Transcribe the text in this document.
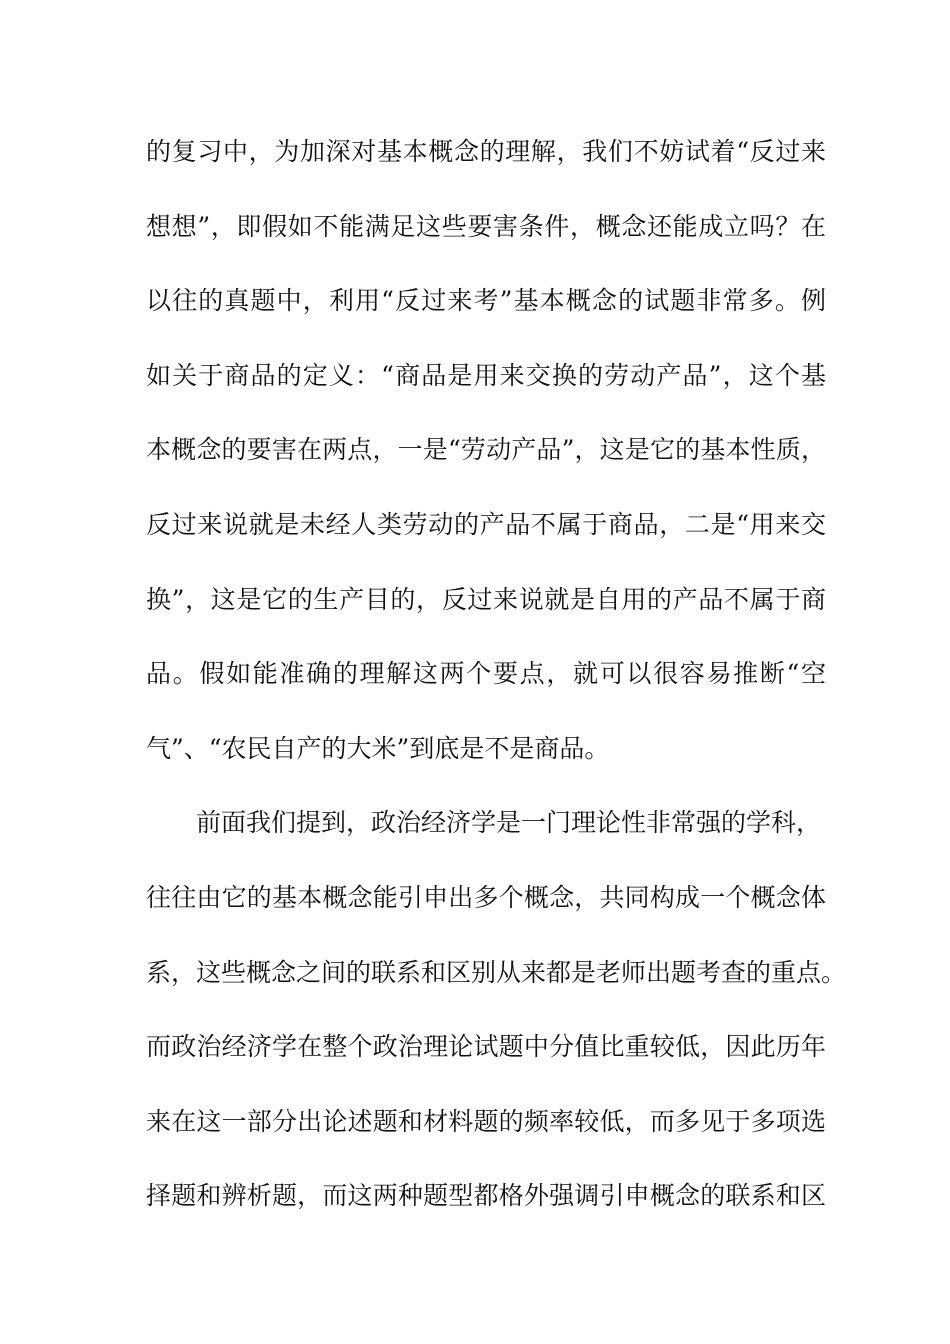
的复习中，为加深对基本概念的理解，我们不妨试着“反过来
想想”，即假如不能满足这些要害条件，概念还能成立吗？在
以往的真题中，利用“反过来考”基本概念的试题非常多。例
如关于商品的定义：“商品是用来交换的劳动产品”，这个基
本概念的要害在两点，一是“劳动产品”，这是它的基本性质，
反过来说就是未经人类劳动的产品不属于商品，二是“用来交
换”，这是它的生产目的，反过来说就是自用的产品不属于商
品。假如能准确的理解这两个要点，就可以很容易推断“空
气”、“农民自产的大米”到底是不是商品。
前面我们提到，政治经济学是一门理论性非常强的学科，
往往由它的基本概念能引申出多个概念，共同构成一个概念体
系，这些概念之间的联系和区别从来都是老师出题考查的重点。
而政治经济学在整个政治理论试题中分值比重较低，因此历年
来在这一部分出论述题和材料题的频率较低，而多见于多项选
择题和辨析题，而这两种题型都格外强调引申概念的联系和区
